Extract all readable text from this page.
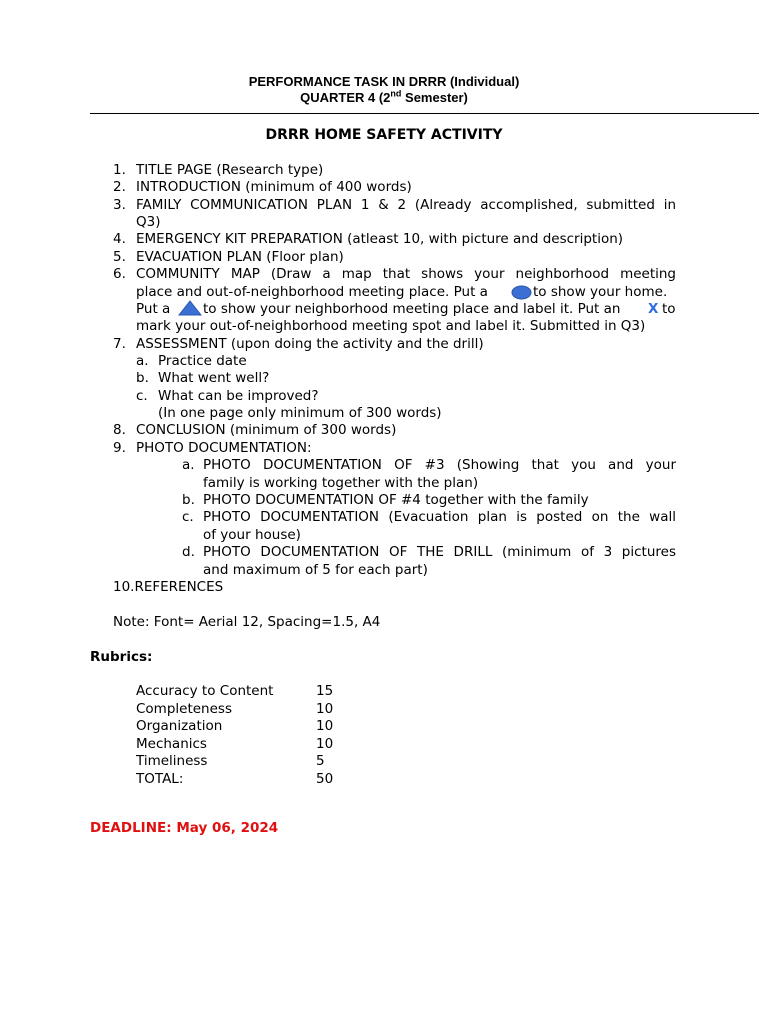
PERFORMANCE TASK IN DRRR (Individual)
QUARTER 4 (2nd Semester)
DRRR HOME SAFETY ACTIVITY
1. TITLE PAGE (Research type)
2. INTRODUCTION (minimum of 400 words)
3. FAMILY COMMUNICATION PLAN 1 & 2 (Already accomplished, submitted in
Q3)
4. EMERGENCY KIT PREPARATION (atleast 10, with picture and description)
5. EVACUATION PLAN (Floor plan)
6. COMMUNITY MAP (Draw a map that shows your neighborhood meeting
place and out-of-neighborhood meeting place. Put a	to show your home.
Put a to show your neighborhood meeting place and label it. Put an X to
mark your out-of-neighborhood meeting spot and label it. Submitted in Q3)
7. ASSESSMENT (upon doing the activity and the drill)
a. Practice date
b. What went well?
c. What can be improved?
(In one page only minimum of 300 words)
8. CONCLUSION (minimum of 300 words)
9. PHOTO DOCUMENTATION:
a. PHOTO DOCUMENTATION OF #3 (Showing that you and your
family is working together with the plan)
b. PHOTO DOCUMENTATION OF #4 together with the family
c. PHOTO DOCUMENTATION (Evacuation plan is posted on the wall
of your house)
d. PHOTO DOCUMENTATION OF THE DRILL (minimum of 3 pictures
and maximum of 5 for each part)
10.REFERENCES
Note: Font= Aerial 12, Spacing=1.5, A4
Rubrics:
Accuracy to Content	15
Completeness	10
Organization	10
Mechanics	10
Timeliness	5
TOTAL:	50
DEADLINE: May 06, 2024
